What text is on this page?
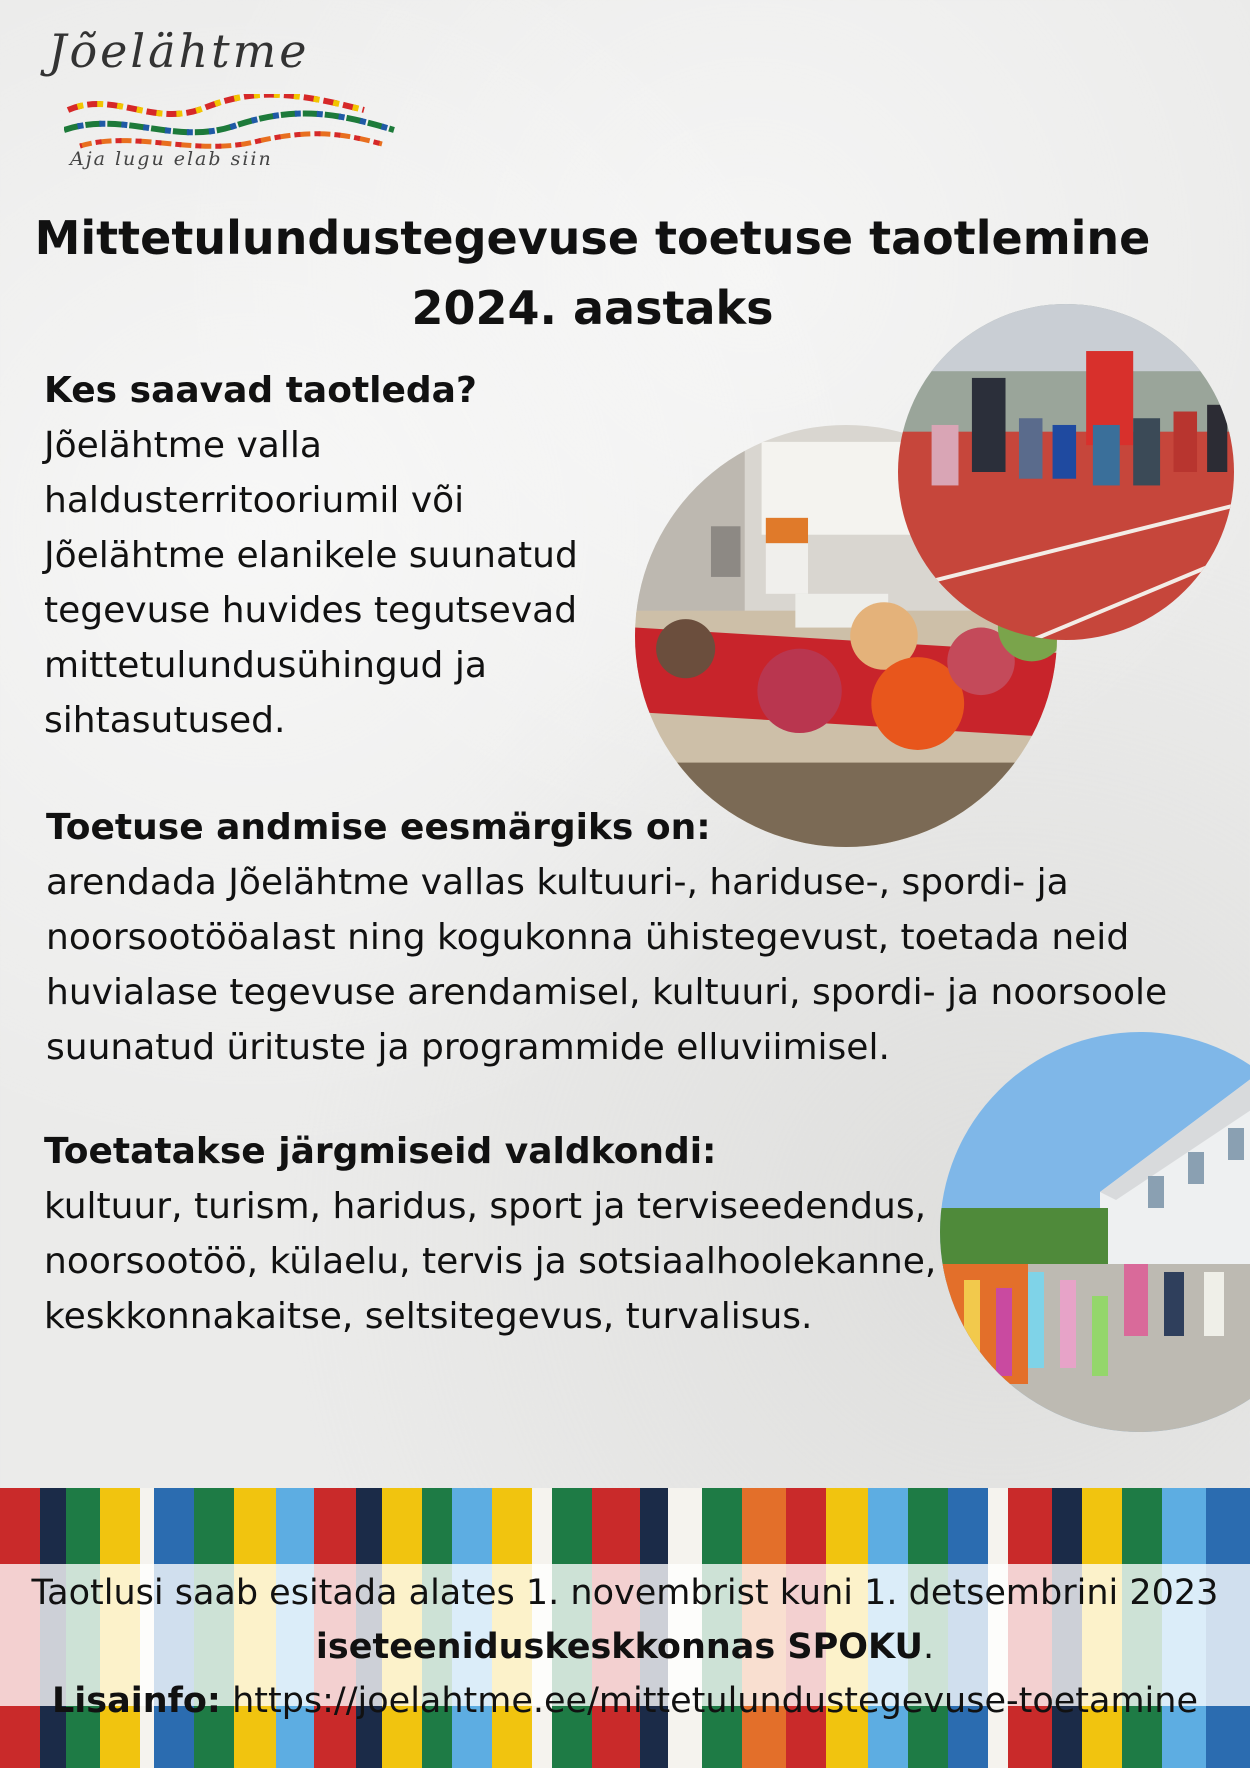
Jõelähtme
Aja lugu elab siin
Mittetulundustegevuse toetuse taotlemine
2024. aastaks
Kes saavad taotleda?

Jõelähtme valla haldusterritooriumil või Jõelähtme elanikele suunatud tegevuse huvides tegutsevad mittetulundusühingud ja sihtasutused.

Toetuse andmise eesmärgiks on:

arendada Jõelähtme vallas kultuuri-, hariduse-, spordi- ja noorsootööalast ning kogukonna ühistegevust, toetada neid huvialase tegevuse arendamisel, kultuuri, spordi- ja noorsoole suunatud ürituste ja programmide elluviimisel.

Toetatakse järgmiseid valdkondi:

kultuur, turism, haridus, sport ja terviseedendus, noorsootöö, külaelu, tervis ja sotsiaalhoolekanne, keskkonnakaitse, seltsitegevus, turvalisus.

Taotlusi saab esitada alates 1. novembrist kuni 1. detsembrini 2023
iseteeniduskeskkonnas SPOKU.
Lisainfo: https://joelahtme.ee/mittetulundustegevuse-toetamine
